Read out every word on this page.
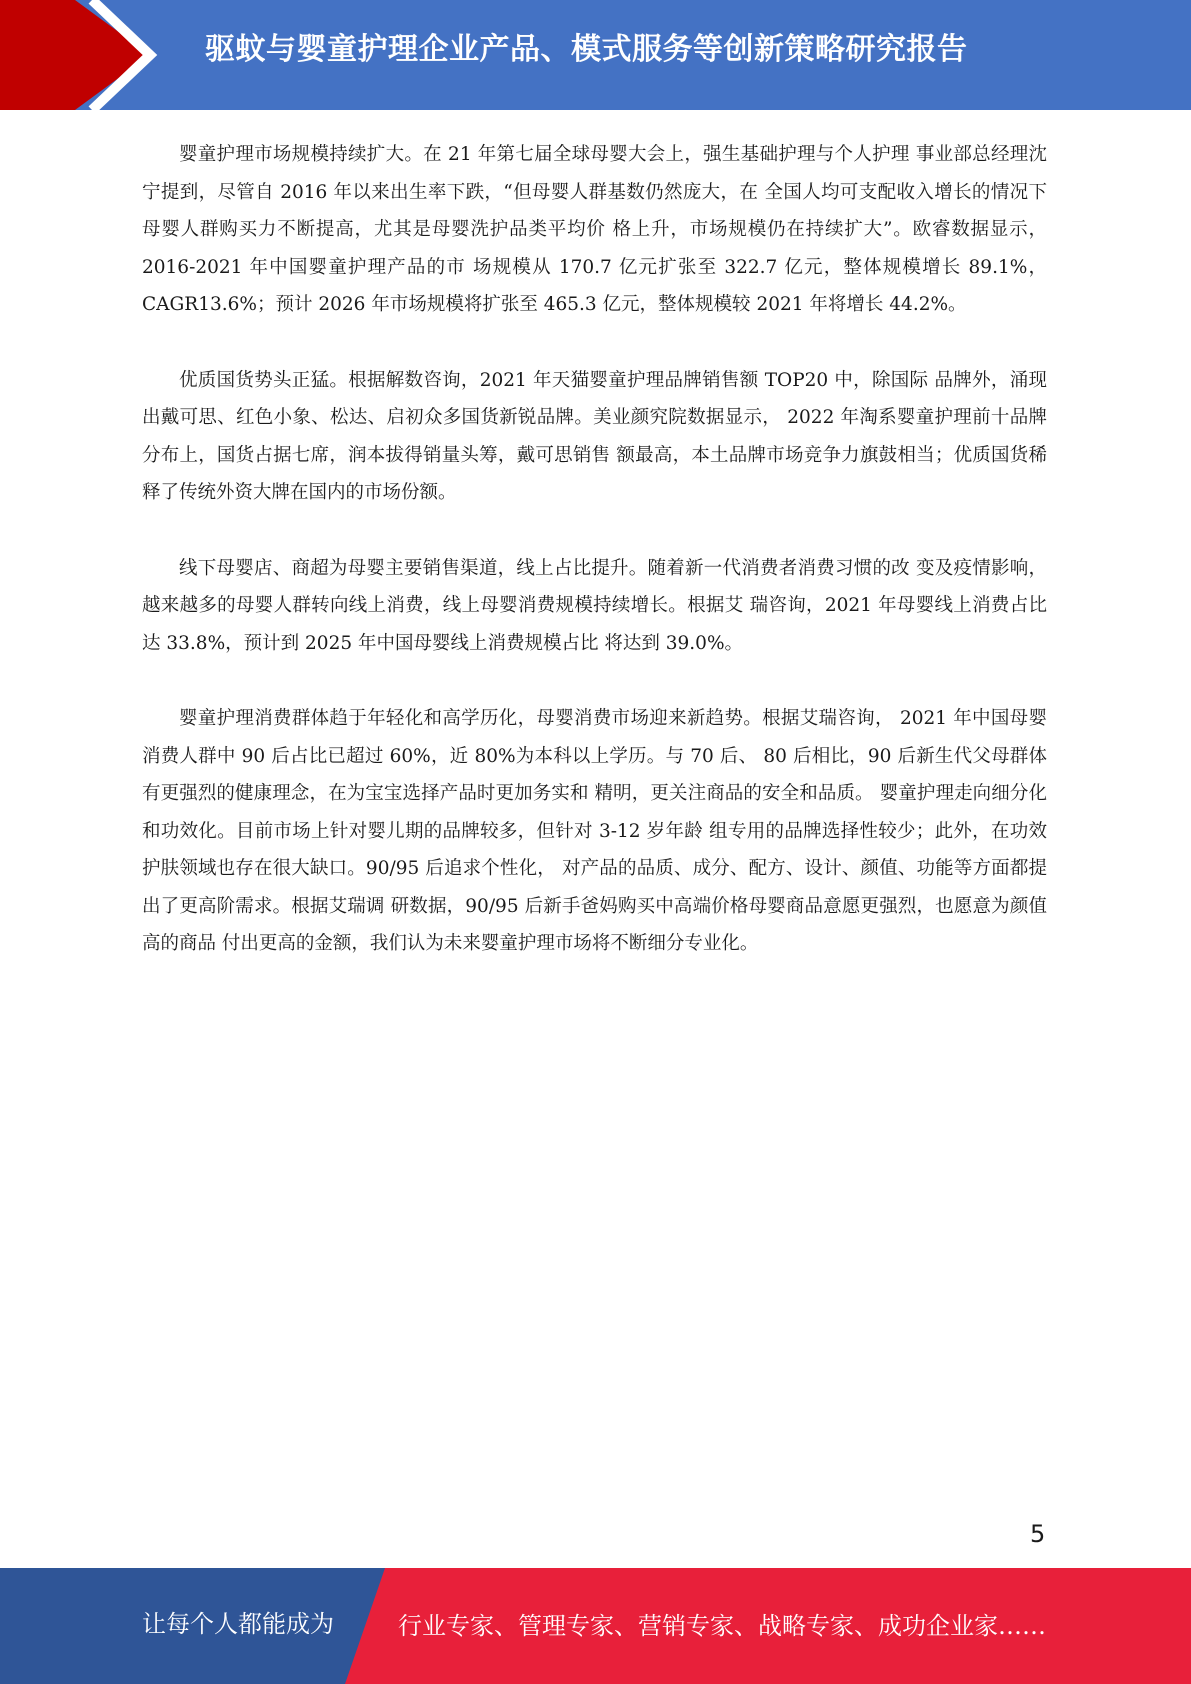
驱蚊与婴童护理企业产品、模式服务等创新策略研究报告

婴童护理市场规模持续扩大。在 21 年第七届全球母婴大会上，强生基础护理与个人护理 事业部总经理沈宁提到，尽管自 2016 年以来出生率下跌，“但母婴人群基数仍然庞大，在 全国人均可支配收入增长的情况下母婴人群购买力不断提高，尤其是母婴洗护品类平均价 格上升，市场规模仍在持续扩大”。欧睿数据显示，2016-2021 年中国婴童护理产品的市 场规模从 170.7 亿元扩张至 322.7 亿元，整体规模增长 89.1%，CAGR13.6%；预计 2026 年市场规模将扩张至 465.3 亿元，整体规模较 2021 年将增长 44.2%。

优质国货势头正猛。根据解数咨询，2021 年天猫婴童护理品牌销售额 TOP20 中，除国际 品牌外，涌现出戴可思、红色小象、松达、启初众多国货新锐品牌。美业颜究院数据显示， 2022 年淘系婴童护理前十品牌分布上，国货占据七席，润本拔得销量头筹，戴可思销售 额最高，本土品牌市场竞争力旗鼓相当；优质国货稀释了传统外资大牌在国内的市场份额。

线下母婴店、商超为母婴主要销售渠道，线上占比提升。随着新一代消费者消费习惯的改 变及疫情影响，越来越多的母婴人群转向线上消费，线上母婴消费规模持续增长。根据艾 瑞咨询，2021 年母婴线上消费占比达 33.8%，预计到 2025 年中国母婴线上消费规模占比 将达到 39.0%。

婴童护理消费群体趋于年轻化和高学历化，母婴消费市场迎来新趋势。根据艾瑞咨询， 2021 年中国母婴消费人群中 90 后占比已超过 60%，近 80%为本科以上学历。与 70 后、 80 后相比，90 后新生代父母群体有更强烈的健康理念，在为宝宝选择产品时更加务实和 精明，更关注商品的安全和品质。 婴童护理走向细分化和功效化。目前市场上针对婴儿期的品牌较多，但针对 3-12 岁年龄 组专用的品牌选择性较少；此外，在功效护肤领域也存在很大缺口。90/95 后追求个性化， 对产品的品质、成分、配方、设计、颜值、功能等方面都提出了更高阶需求。根据艾瑞调 研数据，90/95 后新手爸妈购买中高端价格母婴商品意愿更强烈，也愿意为颜值高的商品 付出更高的金额，我们认为未来婴童护理市场将不断细分专业化。

5
让每个人都能成为	行业专家、管理专家、营销专家、战略专家、成功企业家……
